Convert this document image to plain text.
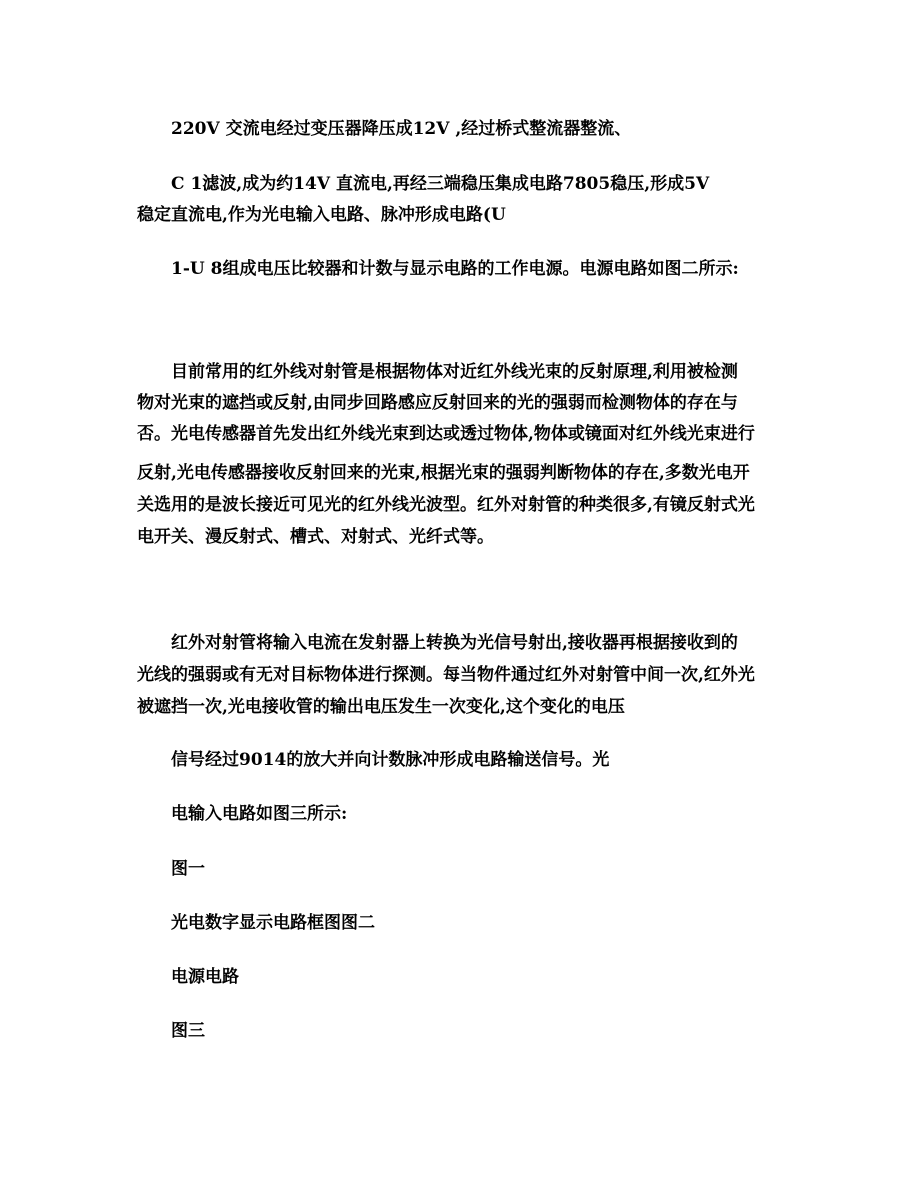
220V 交流电经过变压器降压成12V ,经过桥式整流器整流、
C 1滤波,成为约14V 直流电,再经三端稳压集成电路7805稳压,形成5V
稳定直流电,作为光电输入电路、脉冲形成电路(U
1-U 8组成电压比较器和计数与显示电路的工作电源。电源电路如图二所示:
目前常用的红外线对射管是根据物体对近红外线光束的反射原理,利用被检测
物对光束的遮挡或反射,由同步回路感应反射回来的光的强弱而检测物体的存在与
否。光电传感器首先发出红外线光束到达或透过物体,物体或镜面对红外线光束进行
反射,光电传感器接收反射回来的光束,根据光束的强弱判断物体的存在,多数光电开
关选用的是波长接近可见光的红外线光波型。红外对射管的种类很多,有镜反射式光
电开关、漫反射式、槽式、对射式、光纤式等。
红外对射管将输入电流在发射器上转换为光信号射出,接收器再根据接收到的
光线的强弱或有无对目标物体进行探测。每当物件通过红外对射管中间一次,红外光
被遮挡一次,光电接收管的输出电压发生一次变化,这个变化的电压
信号经过9014的放大并向计数脉冲形成电路输送信号。光
电输入电路如图三所示:
图一
光电数字显示电路框图图二
电源电路
图三
